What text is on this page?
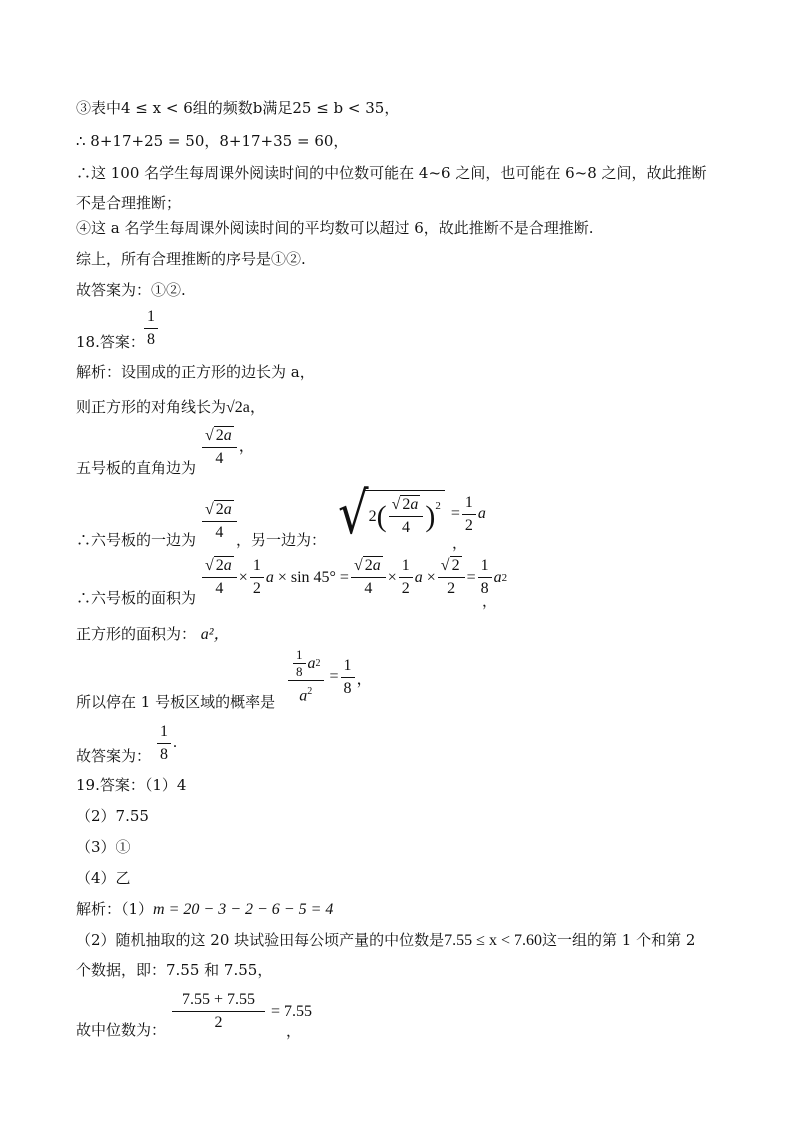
③表中4 ≤ x < 6组的频数b满足25 ≤ b < 35，
∴ 8+17+25 = 50，8+17+35 = 60，
∴这 100 名学生每周课外阅读时间的中位数可能在 4~6 之间，也可能在 6~8 之间，故此推断
不是合理推断；
④这 a 名学生每周课外阅读时间的平均数可以超过 6，故此推断不是合理推断.
综上，所有合理推断的序号是①②.
故答案为：①②.
18.答案： $\frac{1}{8}$
解析：设围成的正方形的边长为 a，
则正方形的对角线长为√2a，
五号板的直角边为 $\frac{√ 2a}{4}$ ，
∴六号板的一边为 $\frac{√ 2a}{4}$ ，另一边为： √ 2 ( $\frac{√ 2a}{4} )^2 = \frac{1}{2}$ a
，
∴六号板的面积为 $\frac{√ 2a}{4} \times \frac{1}{2}$ $a \times \sin 45^\circ = \frac{√ 2a}{4} \times \frac{1}{2}$ $a \times \frac{√ 2}{2} = \frac{1}{8}$ a 2
，
正方形的面积为： a²，
所以停在 1 号板区域的概率是 $\frac{\frac{1}{8} a 2}{a^2} = \frac{1}{8}$ ，
故答案为： $\frac{1}{8}$ .
19.答案：（1）4
（2）7.55
（3）①
（4）乙
解析：（1）m = 20 − 3 − 2 − 6 − 5 = 4
（2）随机抽取的这 20 块试验田每公顷产量的中位数是7.55 ≤ x < 7.60这一组的第 1 个和第 2
个数据，即：7.55 和 7.55，
故中位数为： $\frac{7.55 + 7.55}{2} = 7.55$
，
